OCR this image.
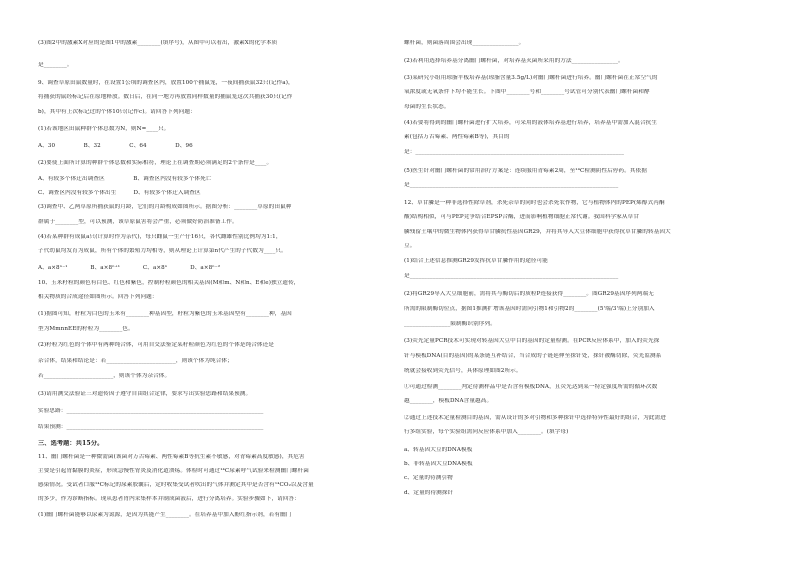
(3)图2中的激素X对应的是图1中的激素________(填序号)，从图中可以看出，激素X的化学本质
是________。
9、调查草原田鼠数量时，在设置1公顷的调查区内，放置100个捕鼠笼，一夜间捕获鼠32只(记作a)，
将捕获的鼠经标记后在原地释放。数日后，在同一地方再放置同样数量的捕鼠笼这次共捕获30只(记作
b)，其中有上次标记过的个体10只(记作c)。请回答下列问题：
(1)若该地区田鼠种群个体总数为N，则N=____只。
A、30　　　　　B、32　　　　　C、64　　　　　D、96
(2)要使上面所计算的种群个体总数和实际相符，理论上在调查期必须满足的2个条件是____。
A、有较多个体迁出调查区　　　　　B、调查区内没有较多个体死亡
C、调查区内没有较多个体出生　　　D、有较多个体迁入调查区
(3)调查甲、乙两草原所捕获鼠的月龄，它们的月龄构成如图所示。据图分析：________草原的田鼠种
群属于________型，可以预测，该草原鼠害将会严重，必须做好防治准备工作。
(4)若某种群有成鼠a只(计算时作为亲代)，每只雌鼠一生产仔16只，各代雌雄性别比例均为1:1，
子代幼鼠均发育为成鼠，所有个体的繁殖力均相等，则从理论上计算第n代产生的子代数为____只。
A、a×8ⁿ⁻¹　　　　B、a×8ⁿ⁺¹　　　　C、a×8ⁿ　　　　D、a×8ⁿ⁻²
10、玉米籽粒的颜色有白色、红色和紫色，控制籽粒颜色的相关基因(M和m、N和n、E和e)独立遗传，
相关物质的合成途径如图所示。回答下列问题：
(1)据图可知，籽粒为白色的玉米有________种基因型，籽粒为紫色的玉米基因型有________种，基因
型为MmnnEE的籽粒为________色。
(2)籽粒为红色的个体中有两种纯合体，可用自交法鉴定某籽粒颜色为红色的个体是纯合体还是
杂合体，结果和结论是：若________________________，则该个体为纯合体；
若________________________，则该个体为杂合体。
(3)请用测交法验证三对遗传因子遵守自由组合定律，要求写出实验思路和结果预测。
实验思路：____________________________________________________________________
结果预测：____________________________________________________________________
三、选考题：共15分。
11、幽门螺杆菌是一种微需菌(该菌对万古霉素、两性霉素B等抗生素不敏感，对青霉素高度敏感)，其危害
主要是引起胃黏膜的炎症，形成急慢性胃炎及消化道溃疡。体检时可通过¹⁴C尿素呼气试验来检测幽门螺杆菌
感染情况。受试者口服¹⁴C标记的尿素胶囊后，定时收集受试者吹出的气体并测定其中是否含有¹⁴CO₂以及含量
的多少，作为诊断指标。现从患者胃内采集样本并制成菌液后，进行分离培养。实验步骤如下，请回答：
(1)幽门螺杆菌能够以尿素为氮源，是因为其能产生________。在培养基中加入酚红指示剂，若有幽门
螺杆菌，则菌落周围会出现________________。
(2)若利用选择培养基分离幽门螺杆菌，对培养基灭菌所采用的方法________________。
(3)某研究小组用琼脂平板培养基(琼脂含量3.5g/L)对幽门螺杆菌进行培养。幽门螺杆菌在正常空气的
氧浓度或无氧条件下均不能生长。下图中________号和________号试管可分别代表幽门螺杆菌和酵
母菌的生长状态。
(4)若要将得到的幽门螺杆菌进行扩大培养，可采用的液体培养基进行培养，培养基中需加入混合抗生
素(包括万古霉素、两性霉素B等)，其目的
是：________________________________________________________________________
(5)医生针对幽门螺杆菌的常用治疗方案是：连续服用青霉素2周，至¹⁴C检测阴性后停药。其依据
是________________________________________________________________________
12、草甘膦是一种非选择性除草剂，杀死杂草的同时也会杀死农作物，它与植物体内的PEP(烯醇式丙酮
酸)结构相似，可与PEP竞争结合EPSP合酶，进而影响植物细胞正常代谢。我国科学家从草甘
膦残留土壤中的微生物体内获得草甘膦抗性基因GR29，并将其导入大豆体细胞中获得抗草甘膦的转基因大
豆。
(1)结合上述信息推测GR29发挥抗草甘膦作用的途径可能
是________________________________________________________________________
(2)将GR29导入大豆细胞前，需将其与酶切后的质粒P连接获得________。图GR29基因序列两端无
所需的限制酶切位点，据图1推测扩增该基因时需向引物1和引物2的________(5'端/3'端)上分别加入
________________限制酶识别序列。
(3)荧光定量PCR技术可实现对转基因大豆中目的基因的定量检测。在PCR反应体系中，加入的荧光探
针与模板DNA(目的基因)的某条链互补结合，当合成的子链延伸至探针处，探针被酶切除，荧光监测系
统就会接收到荧光信号，具体原理如图2所示。
①可通过检测________判定待测样品中是否含有模板DNA，且荧光达到某一特定强度所需的循环次数
越________，模板DNA含量越高。
②通过上述技术定量检测目的基因，需从设计的多对引物和多种探针中选择特异性最好的组合，为此需进
行多组实验，每个实验组需向反应体系中加入________。(填字母)
a、转基因大豆的DNA模板
b、非转基因大豆DNA模板
c、定量的待测引物
d、定量的待测探针
